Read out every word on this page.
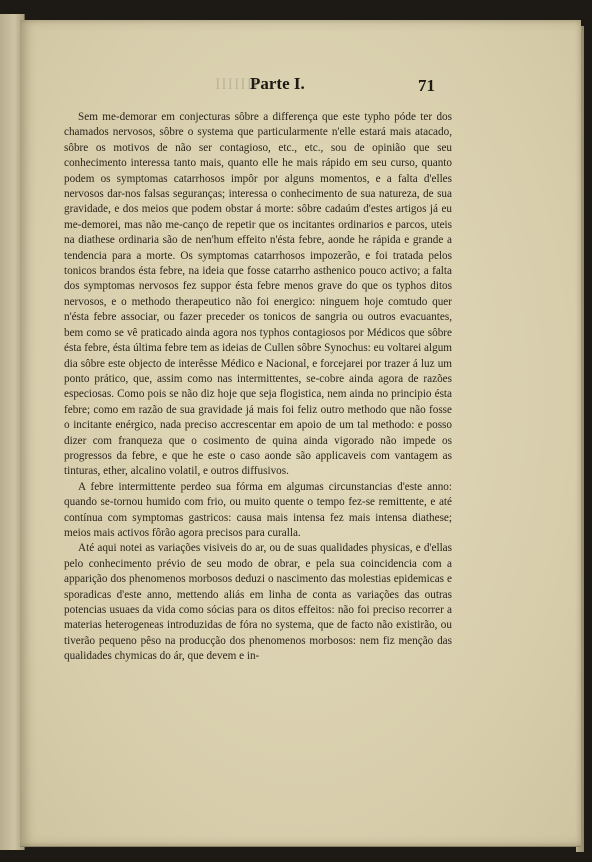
IIIIIII
Parte I.	71

Sem me-demorar em conjecturas sôbre a differença que este typho póde ter dos chamados nervosos, sôbre o systema que particularmente n'elle estará mais atacado, sôbre os motivos de não ser contagioso, etc., etc., sou de opinião que seu conhecimento interessa tanto mais, quanto elle he mais rápido em seu curso, quanto podem os symptomas catarrhosos impôr por alguns momentos, e a falta d'elles nervosos dar-nos falsas seguranças; interessa o conhecimento de sua natureza, de sua gravidade, e dos meios que podem obstar á morte: sôbre cadaúm d'estes artigos já eu me-demorei, mas não me-canço de repetir que os incitantes ordinarios e parcos, uteis na diathese ordinaria são de nen'hum effeito n'ésta febre, aonde he rápida e grande a tendencia para a morte. Os symptomas catarrhosos impozerão, e foi tratada pelos tonicos brandos ésta febre, na ideia que fosse catarrho asthenico pouco activo; a falta dos symptomas nervosos fez suppor ésta febre menos grave do que os typhos ditos nervosos, e o methodo therapeutico não foi energico: ninguem hoje comtudo quer n'ésta febre associar, ou fazer preceder os tonicos de sangria ou outros evacuantes, bem como se vê praticado ainda agora nos typhos contagiosos por Médicos que sôbre ésta febre, ésta última febre tem as ideias de Cullen sôbre Synochus: eu voltarei algum dia sôbre este objecto de interêsse Médico e Nacional, e forcejarei por trazer á luz um ponto prático, que, assim como nas intermittentes, se-cobre ainda agora de razões especiosas. Como pois se não diz hoje que seja flogistica, nem ainda no principio ésta febre; como em razão de sua gravidade já mais foi feliz outro methodo que não fosse o incitante enérgico, nada preciso accrescentar em apoio de um tal methodo: e posso dizer com franqueza que o cosimento de quina ainda vigorado não impede os progressos da febre, e que he este o caso aonde são applicaveis com vantagem as tinturas, ether, alcalino volatil, e outros diffusivos.

A febre intermittente perdeo sua fórma em algumas circunstancias d'este anno: quando se-tornou humido com frio, ou muito quente o tempo fez-se remittente, e até contínua com symptomas gastricos: causa mais intensa fez mais intensa diathese; meios mais activos fôrão agora precisos para curalla.

Até aqui notei as variações visiveis do ar, ou de suas qualidades physicas, e d'ellas pelo conhecimento prévio de seu modo de obrar, e pela sua coincidencia com a apparição dos phenomenos morbosos deduzi o nascimento das molestias epidemicas e sporadicas d'este anno, mettendo aliás em linha de conta as variações das outras potencias usuaes da vida como sócias para os ditos effeitos: não foi preciso recorrer a materias heterogeneas introduzidas de fóra no systema, que de facto não existirão, ou tiverão pequeno pêso na producção dos phenomenos morbosos: nem fiz menção das qualidades chymicas do ár, que devem e in-
